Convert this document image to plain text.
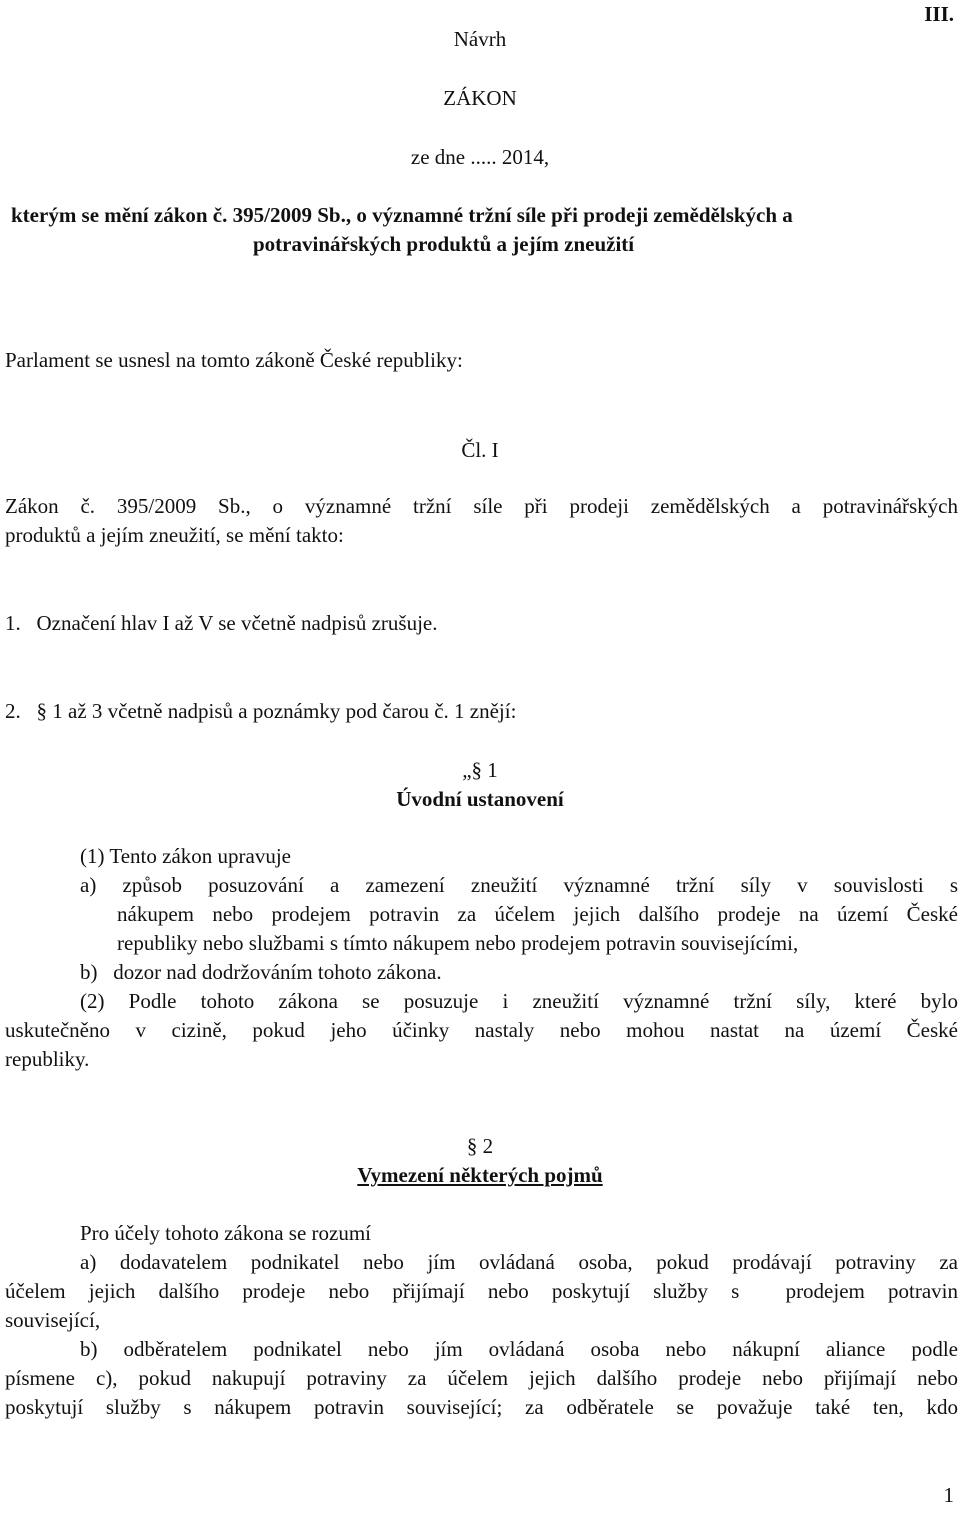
III.
Návrh
ZÁKON
ze dne ..... 2014,
kterým se mění zákon č. 395/2009 Sb., o významné tržní síle při prodeji zemědělských a
potravinářských produktů a jejím zneužití
Parlament se usnesl na tomto zákoně České republiky:
Čl. I
Zákon č. 395/2009 Sb., o významné tržní síle při prodeji zemědělských a potravinářských
produktů a jejím zneužití, se mění takto:
1.   Označení hlav I až V se včetně nadpisů zrušuje.
2.   § 1 až 3 včetně nadpisů a poznámky pod čarou č. 1 znějí:
„§ 1
Úvodní ustanovení
(1) Tento zákon upravuje
a) způsob posuzování a zamezení zneužití významné tržní síly v souvislosti s
nákupem nebo prodejem potravin za účelem jejich dalšího prodeje na území České
republiky nebo službami s tímto nákupem nebo prodejem potravin souvisejícími,
b)   dozor nad dodržováním tohoto zákona.
(2) Podle tohoto zákona se posuzuje i zneužití významné tržní síly, které bylo
uskutečněno v cizině, pokud jeho účinky nastaly nebo mohou nastat na území České
republiky.
§ 2
Vymezení některých pojmů
Pro účely tohoto zákona se rozumí
a) dodavatelem podnikatel nebo jím ovládaná osoba, pokud prodávají potraviny za
účelem jejich dalšího prodeje nebo přijímají nebo poskytují služby s  prodejem potravin
související,
b) odběratelem podnikatel nebo jím ovládaná osoba nebo nákupní aliance podle
písmene c), pokud nakupují potraviny za účelem jejich dalšího prodeje nebo přijímají nebo
poskytují služby s nákupem potravin související; za odběratele se považuje také ten, kdo
1
